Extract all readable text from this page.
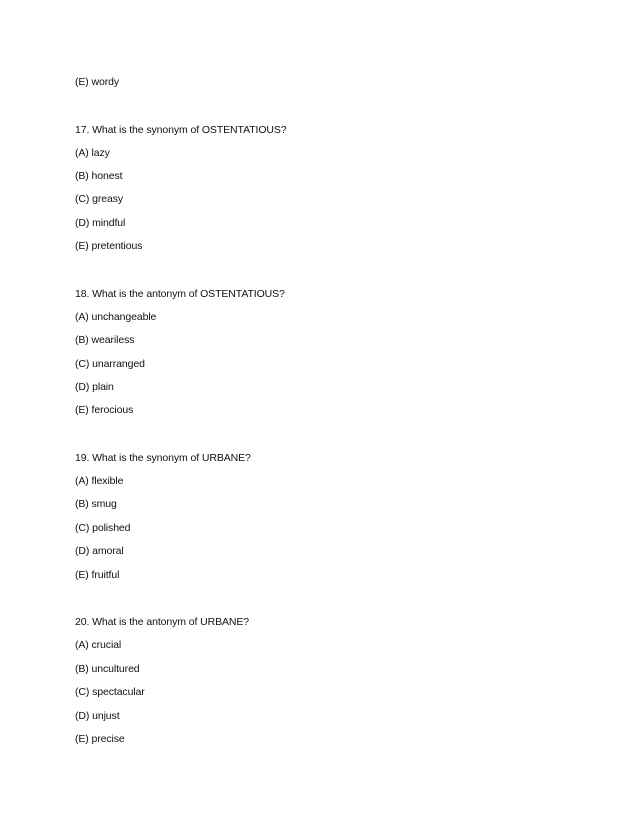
(E) wordy
17. What is the synonym of OSTENTATIOUS?
(A) lazy
(B) honest
(C) greasy
(D) mindful
(E) pretentious
18. What is the antonym of OSTENTATIOUS?
(A) unchangeable
(B) weariless
(C) unarranged
(D) plain
(E) ferocious
19. What is the synonym of URBANE?
(A) flexible
(B) smug
(C) polished
(D) amoral
(E) fruitful
20. What is the antonym of URBANE?
(A) crucial
(B) uncultured
(C) spectacular
(D) unjust
(E) precise
